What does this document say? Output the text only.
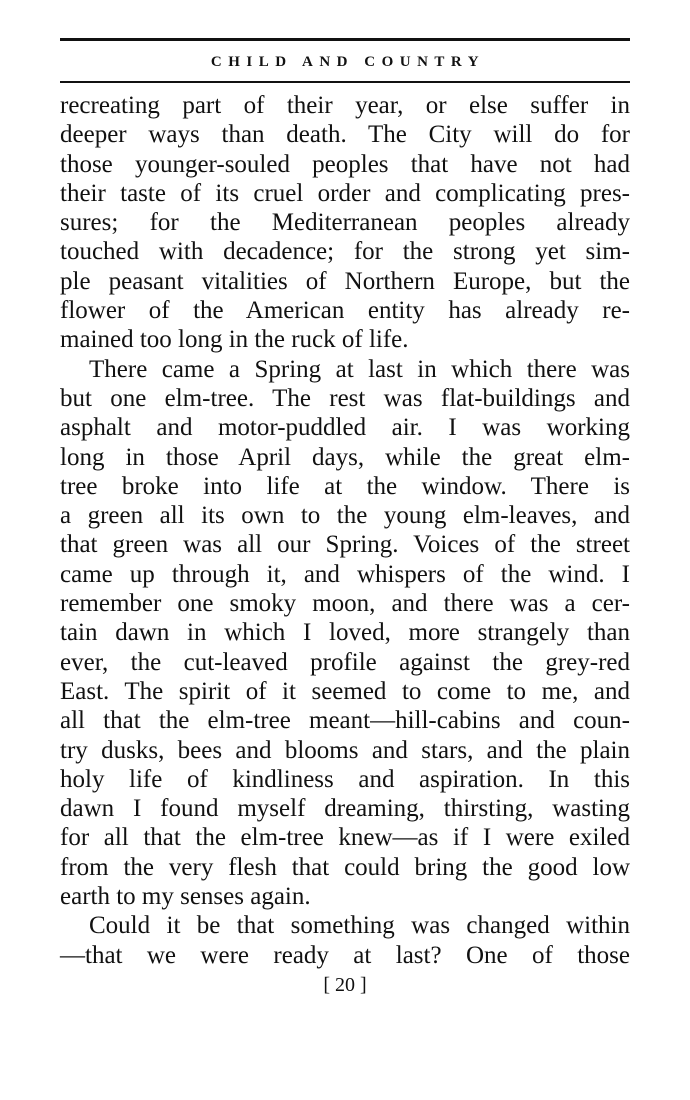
CHILD AND COUNTRY
recreating part of their year, or else suffer in
deeper ways than death. The City will do for
those younger-souled peoples that have not had
their taste of its cruel order and complicating pres-
sures; for the Mediterranean peoples already
touched with decadence; for the strong yet sim-
ple peasant vitalities of Northern Europe, but the
flower of the American entity has already re-
mained too long in the ruck of life.
There came a Spring at last in which there was
but one elm-tree. The rest was flat-buildings and
asphalt and motor-puddled air. I was working
long in those April days, while the great elm-
tree broke into life at the window. There is
a green all its own to the young elm-leaves, and
that green was all our Spring. Voices of the street
came up through it, and whispers of the wind. I
remember one smoky moon, and there was a cer-
tain dawn in which I loved, more strangely than
ever, the cut-leaved profile against the grey-red
East. The spirit of it seemed to come to me, and
all that the elm-tree meant—hill-cabins and coun-
try dusks, bees and blooms and stars, and the plain
holy life of kindliness and aspiration. In this
dawn I found myself dreaming, thirsting, wasting
for all that the elm-tree knew—as if I were exiled
from the very flesh that could bring the good low
earth to my senses again.
Could it be that something was changed within
—that we were ready at last? One of those
[ 20 ]
